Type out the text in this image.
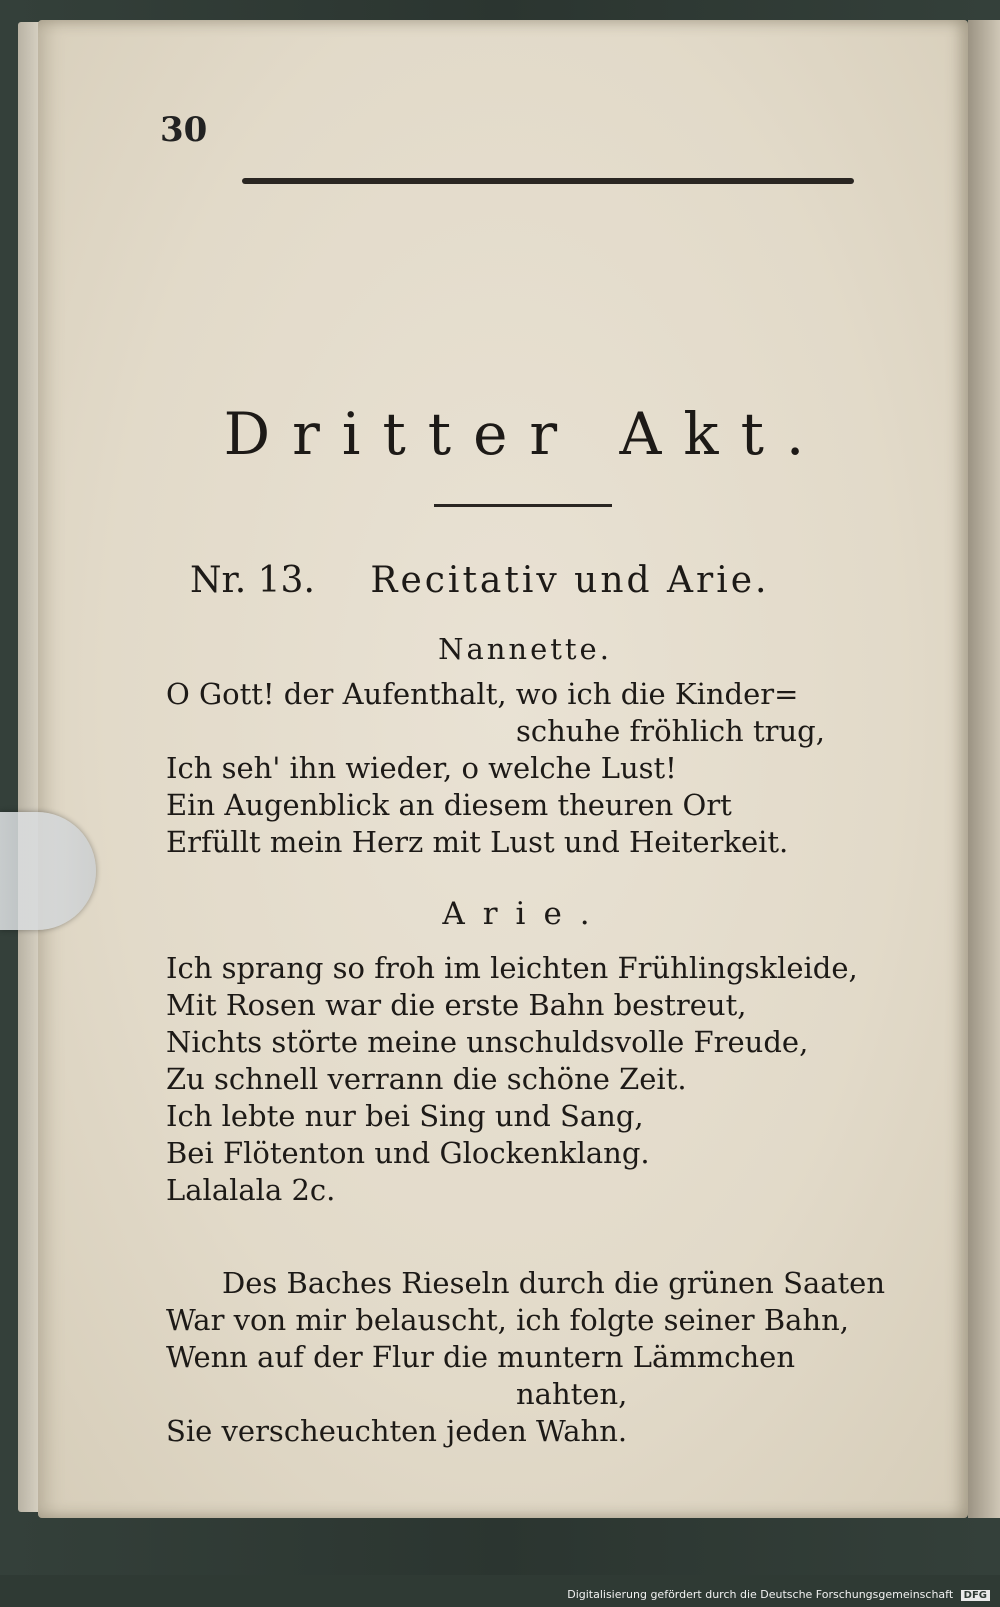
30
Dritter Akt.
Nr. 13. Recitativ und Arie.
Nannette.
O Gott! der Aufenthalt, wo ich die Kinder=
schuhe fröhlich trug,
Ich seh' ihn wieder, o welche Lust!
Ein Augenblick an diesem theuren Ort
Erfüllt mein Herz mit Lust und Heiterkeit.
Arie.
Ich sprang so froh im leichten Frühlingskleide,
Mit Rosen war die erste Bahn bestreut,
Nichts störte meine unschuldsvolle Freude,
Zu schnell verrann die schöne Zeit.
Ich lebte nur bei Sing und Sang,
Bei Flötenton und Glockenklang.
Lalalala 2c.
Des Baches Rieseln durch die grünen Saaten
War von mir belauscht, ich folgte seiner Bahn,
Wenn auf der Flur die muntern Lämmchen
nahten,
Sie verscheuchten jeden Wahn.
Digitalisierung gefördert durch die Deutsche Forschungsgemeinschaft DFG
